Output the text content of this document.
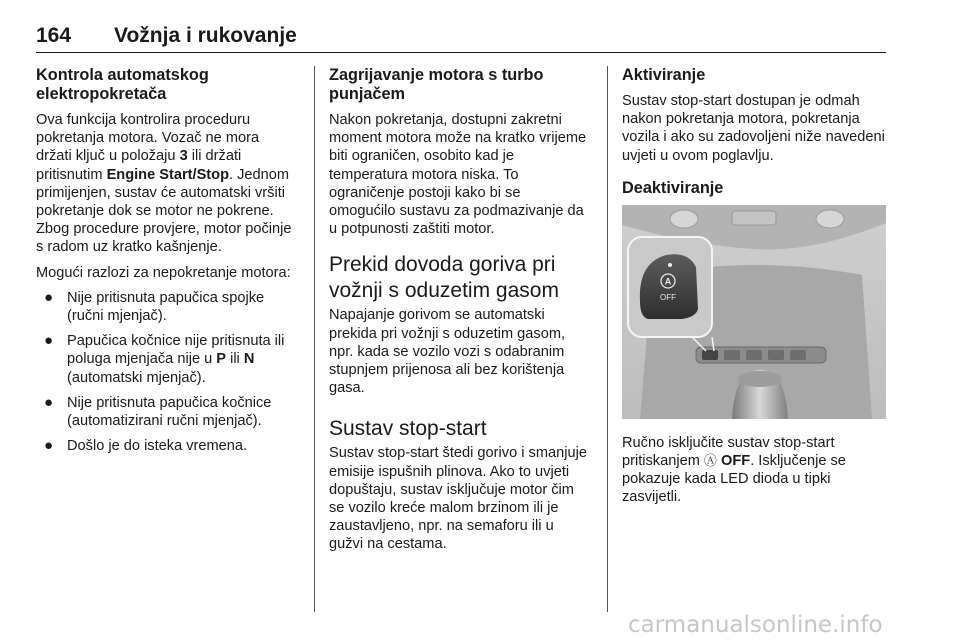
164 Vožnja i rukovanje
Kontrola automatskog elektropokretača

Ova funkcija kontrolira proceduru pokretanja motora. Vozač ne mora držati ključ u položaju 3 ili držati pritisnutim Engine Start/Stop. Jednom primijenjen, sustav će automatski vršiti pokretanje dok se motor ne pokrene. Zbog procedure provjere, motor počinje s radom uz kratko kašnjenje.

Mogući razlozi za nepokretanje motora:

● Nije pritisnuta papučica spojke (ručni mjenjač).
● Papučica kočnice nije pritisnuta ili poluga mjenjača nije u P ili N (automatski mjenjač).
● Nije pritisnuta papučica kočnice (automatizirani ručni mjenjač).
● Došlo je do isteka vremena.
Zagrijavanje motora s turbo punjačem

Nakon pokretanja, dostupni zakretni moment motora može na kratko vrijeme biti ograničen, osobito kad je temperatura motora niska. To ograničenje postoji kako bi se omogućilo sustavu za podmazivanje da u potpunosti zaštiti motor.

Prekid dovoda goriva pri vožnji s oduzetim gasom

Napajanje gorivom se automatski prekida pri vožnji s oduzetim gasom, npr. kada se vozilo vozi s odabranim stupnjem prijenosa ali bez korištenja gasa.

Sustav stop-start

Sustav stop-start štedi gorivo i smanjuje emisije ispušnih plinova. Ako to uvjeti dopuštaju, sustav isključuje motor čim se vozilo kreće malom brzinom ili je zaustavljeno, npr. na semaforu ili u gužvi na cestama.

Aktiviranje

Sustav stop-start dostupan je odmah nakon pokretanja motora, pokretanja vozila i ako su zadovoljeni niže navedeni uvjeti u ovom poglavlju.

Deaktiviranje
A
OFF

Ručno isključite sustav stop-start pritiskanjem Ⓐ OFF. Isključenje se pokazuje kada LED dioda u tipki zasvijetli.

carmanualsonline.info
